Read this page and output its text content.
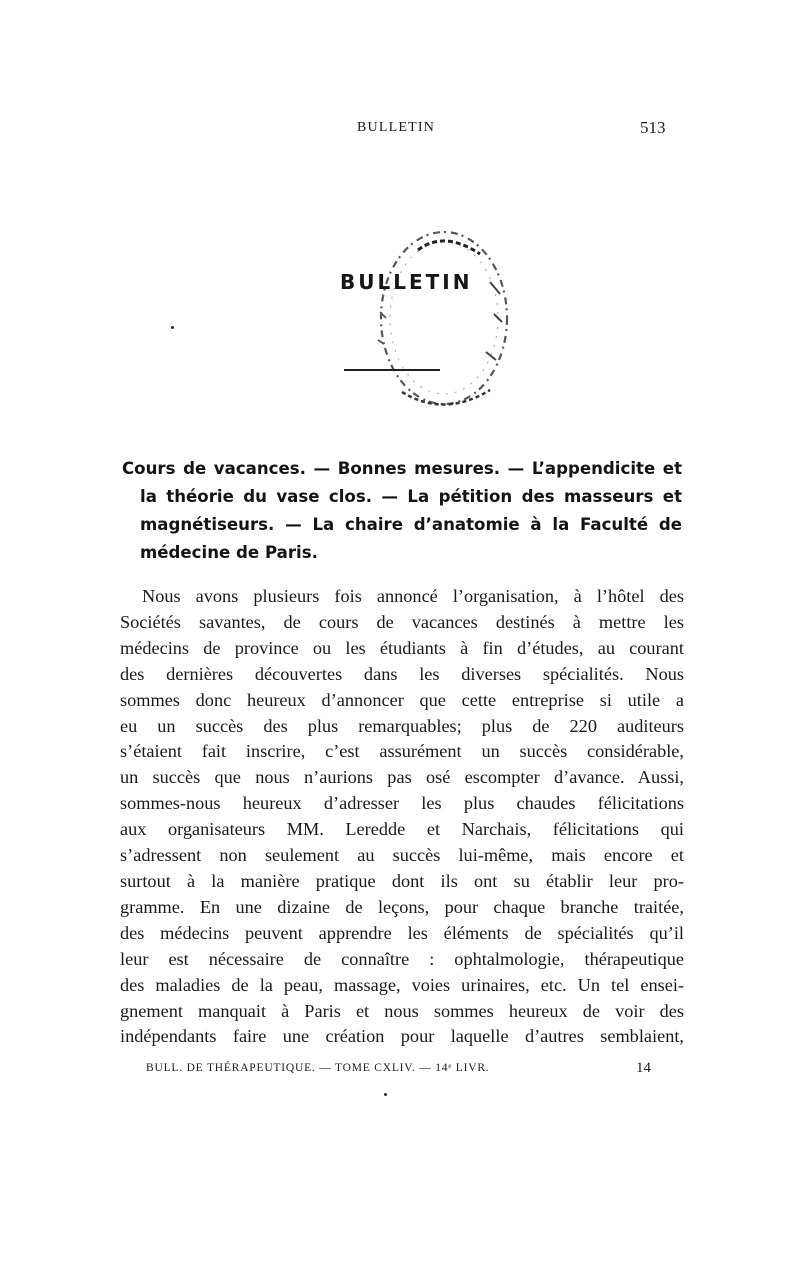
BULLETIN	513
BULLETIN
Cours de vacances. — Bonnes mesures. — L’appendicite et
la théorie du vase clos. — La pétition des masseurs et
magnétiseurs. — La chaire d’anatomie à la Faculté de
médecine de Paris.
Nous avons plusieurs fois annoncé l’organisation, à l’hôtel des
Sociétés savantes, de cours de vacances destinés à mettre les
médecins de province ou les étudiants à fin d’études, au courant
des dernières découvertes dans les diverses spécialités. Nous
sommes donc heureux d’annoncer que cette entreprise si utile a
eu un succès des plus remarquables; plus de 220 auditeurs
s’étaient fait inscrire, c’est assurément un succès considérable,
un succès que nous n’aurions pas osé escompter d’avance. Aussi,
sommes-nous heureux d’adresser les plus chaudes félicitations
aux organisateurs MM. Leredde et Narchais, félicitations qui
s’adressent non seulement au succès lui-même, mais encore et
surtout à la manière pratique dont ils ont su établir leur pro-
gramme. En une dizaine de leçons, pour chaque branche traitée,
des médecins peuvent apprendre les éléments de spécialités qu’il
leur est nécessaire de connaître : ophtalmologie, thérapeutique
des maladies de la peau, massage, voies urinaires, etc. Un tel ensei-
gnement manquait à Paris et nous sommes heureux de voir des
indépendants faire une création pour laquelle d’autres semblaient,
BULL. DE THÉRAPEUTIQUE. — TOME CXLIV. — 14ᵉ LIVR.	14
